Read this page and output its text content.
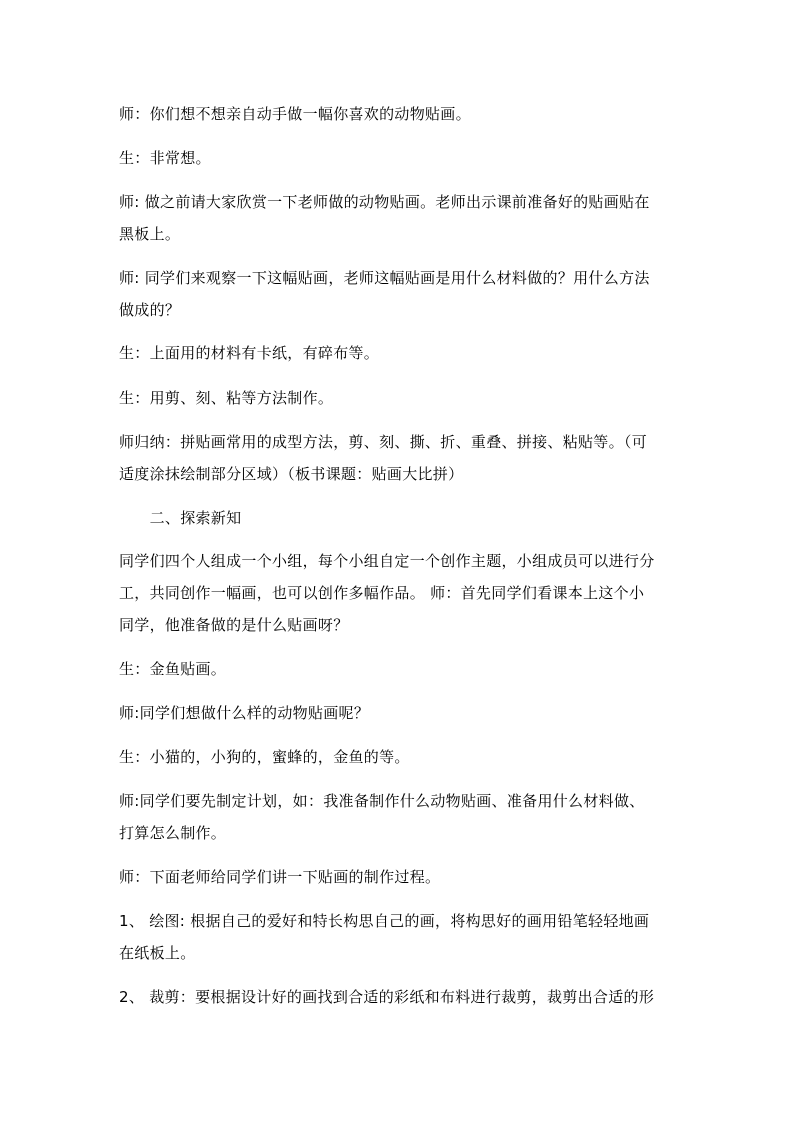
师：你们想不想亲自动手做一幅你喜欢的动物贴画。
生：非常想。
师: 做之前请大家欣赏一下老师做的动物贴画。老师出示课前准备好的贴画贴在
黑板上。
师: 同学们来观察一下这幅贴画，老师这幅贴画是用什么材料做的？用什么方法
做成的？
生：上面用的材料有卡纸，有碎布等。
生：用剪、刻、粘等方法制作。
师归纳：拼贴画常用的成型方法，剪、刻、撕、折、重叠、拼接、粘贴等。（可
适度涂抹绘制部分区域）（板书课题：贴画大比拼）
　　二、探索新知
同学们四个人组成一个小组，每个小组自定一个创作主题，小组成员可以进行分
工，共同创作一幅画，也可以创作多幅作品。 师：首先同学们看课本上这个小
同学，他准备做的是什么贴画呀？
生：金鱼贴画。
师:同学们想做什么样的动物贴画呢？
生：小猫的，小狗的，蜜蜂的，金鱼的等。
师:同学们要先制定计划，如：我准备制作什么动物贴画、准备用什么材料做、
打算怎么制作。
师：下面老师给同学们讲一下贴画的制作过程。
1、 绘图: 根据自己的爱好和特长构思自己的画，将构思好的画用铅笔轻轻地画
在纸板上。
2、 裁剪：要根据设计好的画找到合适的彩纸和布料进行裁剪，裁剪出合适的形
